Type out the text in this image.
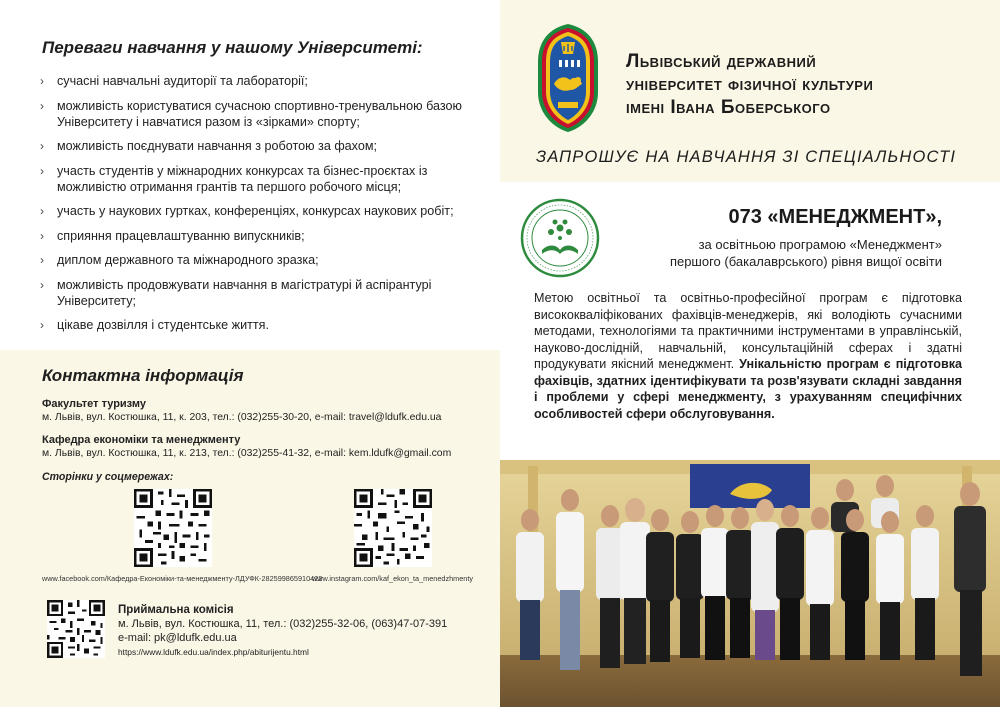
Переваги навчання у нашому Університеті:
› сучасні навчальні аудиторії та лабораторії;
› можливість користуватися сучасною спортивно-тренувальною базою Університету і навчатися разом із «зірками» спорту;
› можливість поєднувати навчання з роботою за фахом;
› участь студентів у міжнародних конкурсах та бізнес-проєктах із можливістю отримання грантів та першого робочого місця;
› участь у наукових гуртках, конференціях, конкурсах наукових робіт;
› сприяння працевлаштуванню випускників;
› диплом державного та міжнародного зразка;
› можливість продовжувати навчання в магістратурі й аспірантурі Університету;
› цікаве дозвілля і студентське життя.
Контактна інформація
Факультет туризму
м. Львів, вул. Костюшка, 11, к. 203, тел.: (032)255-30-20, e-mail: travel@ldufk.edu.ua
Кафедра економіки та менеджменту
м. Львів, вул. Костюшка, 11, к. 213, тел.: (032)255-41-32, e-mail: kem.ldufk@gmail.com
Сторінки у соцмережах:
www.facebook.com/Кафедра-Економіки-та-менеджменту-ЛДУФК-282599865910422
www.instagram.com/kaf_ekon_ta_menedzhmenty
Приймальна комісія
м. Львів, вул. Костюшка, 11, тел.: (032)255-32-06, (063)47-07-391
e-mail: pk@ldufk.edu.ua
https://www.ldufk.edu.ua/index.php/abiturijentu.html
Львівський державний
університет фізичної культури
імені Івана Боберського
ЗАПРОШУЄ НА НАВЧАННЯ ЗІ СПЕЦІАЛЬНОСТІ
073 «МЕНЕДЖМЕНТ»,
за освітньою програмою «Менеджмент»
першого (бакалаврського) рівня вищої освіти
Метою освітньої та освітньо-професійної програм є підготовка висококваліфікованих фахівців-менеджерів, які володіють сучасними методами, технологіями та практичними інструментами в управлінській, науково-дослідній, навчальній, консультаційній сферах і здатні продукувати якісний менеджмент. Унікальністю програм є підготовка фахівців, здатних ідентифікувати та розв'язувати складні завдання і проблеми у сфері менеджменту, з урахуванням специфічних особливостей сфери обслуговування.
